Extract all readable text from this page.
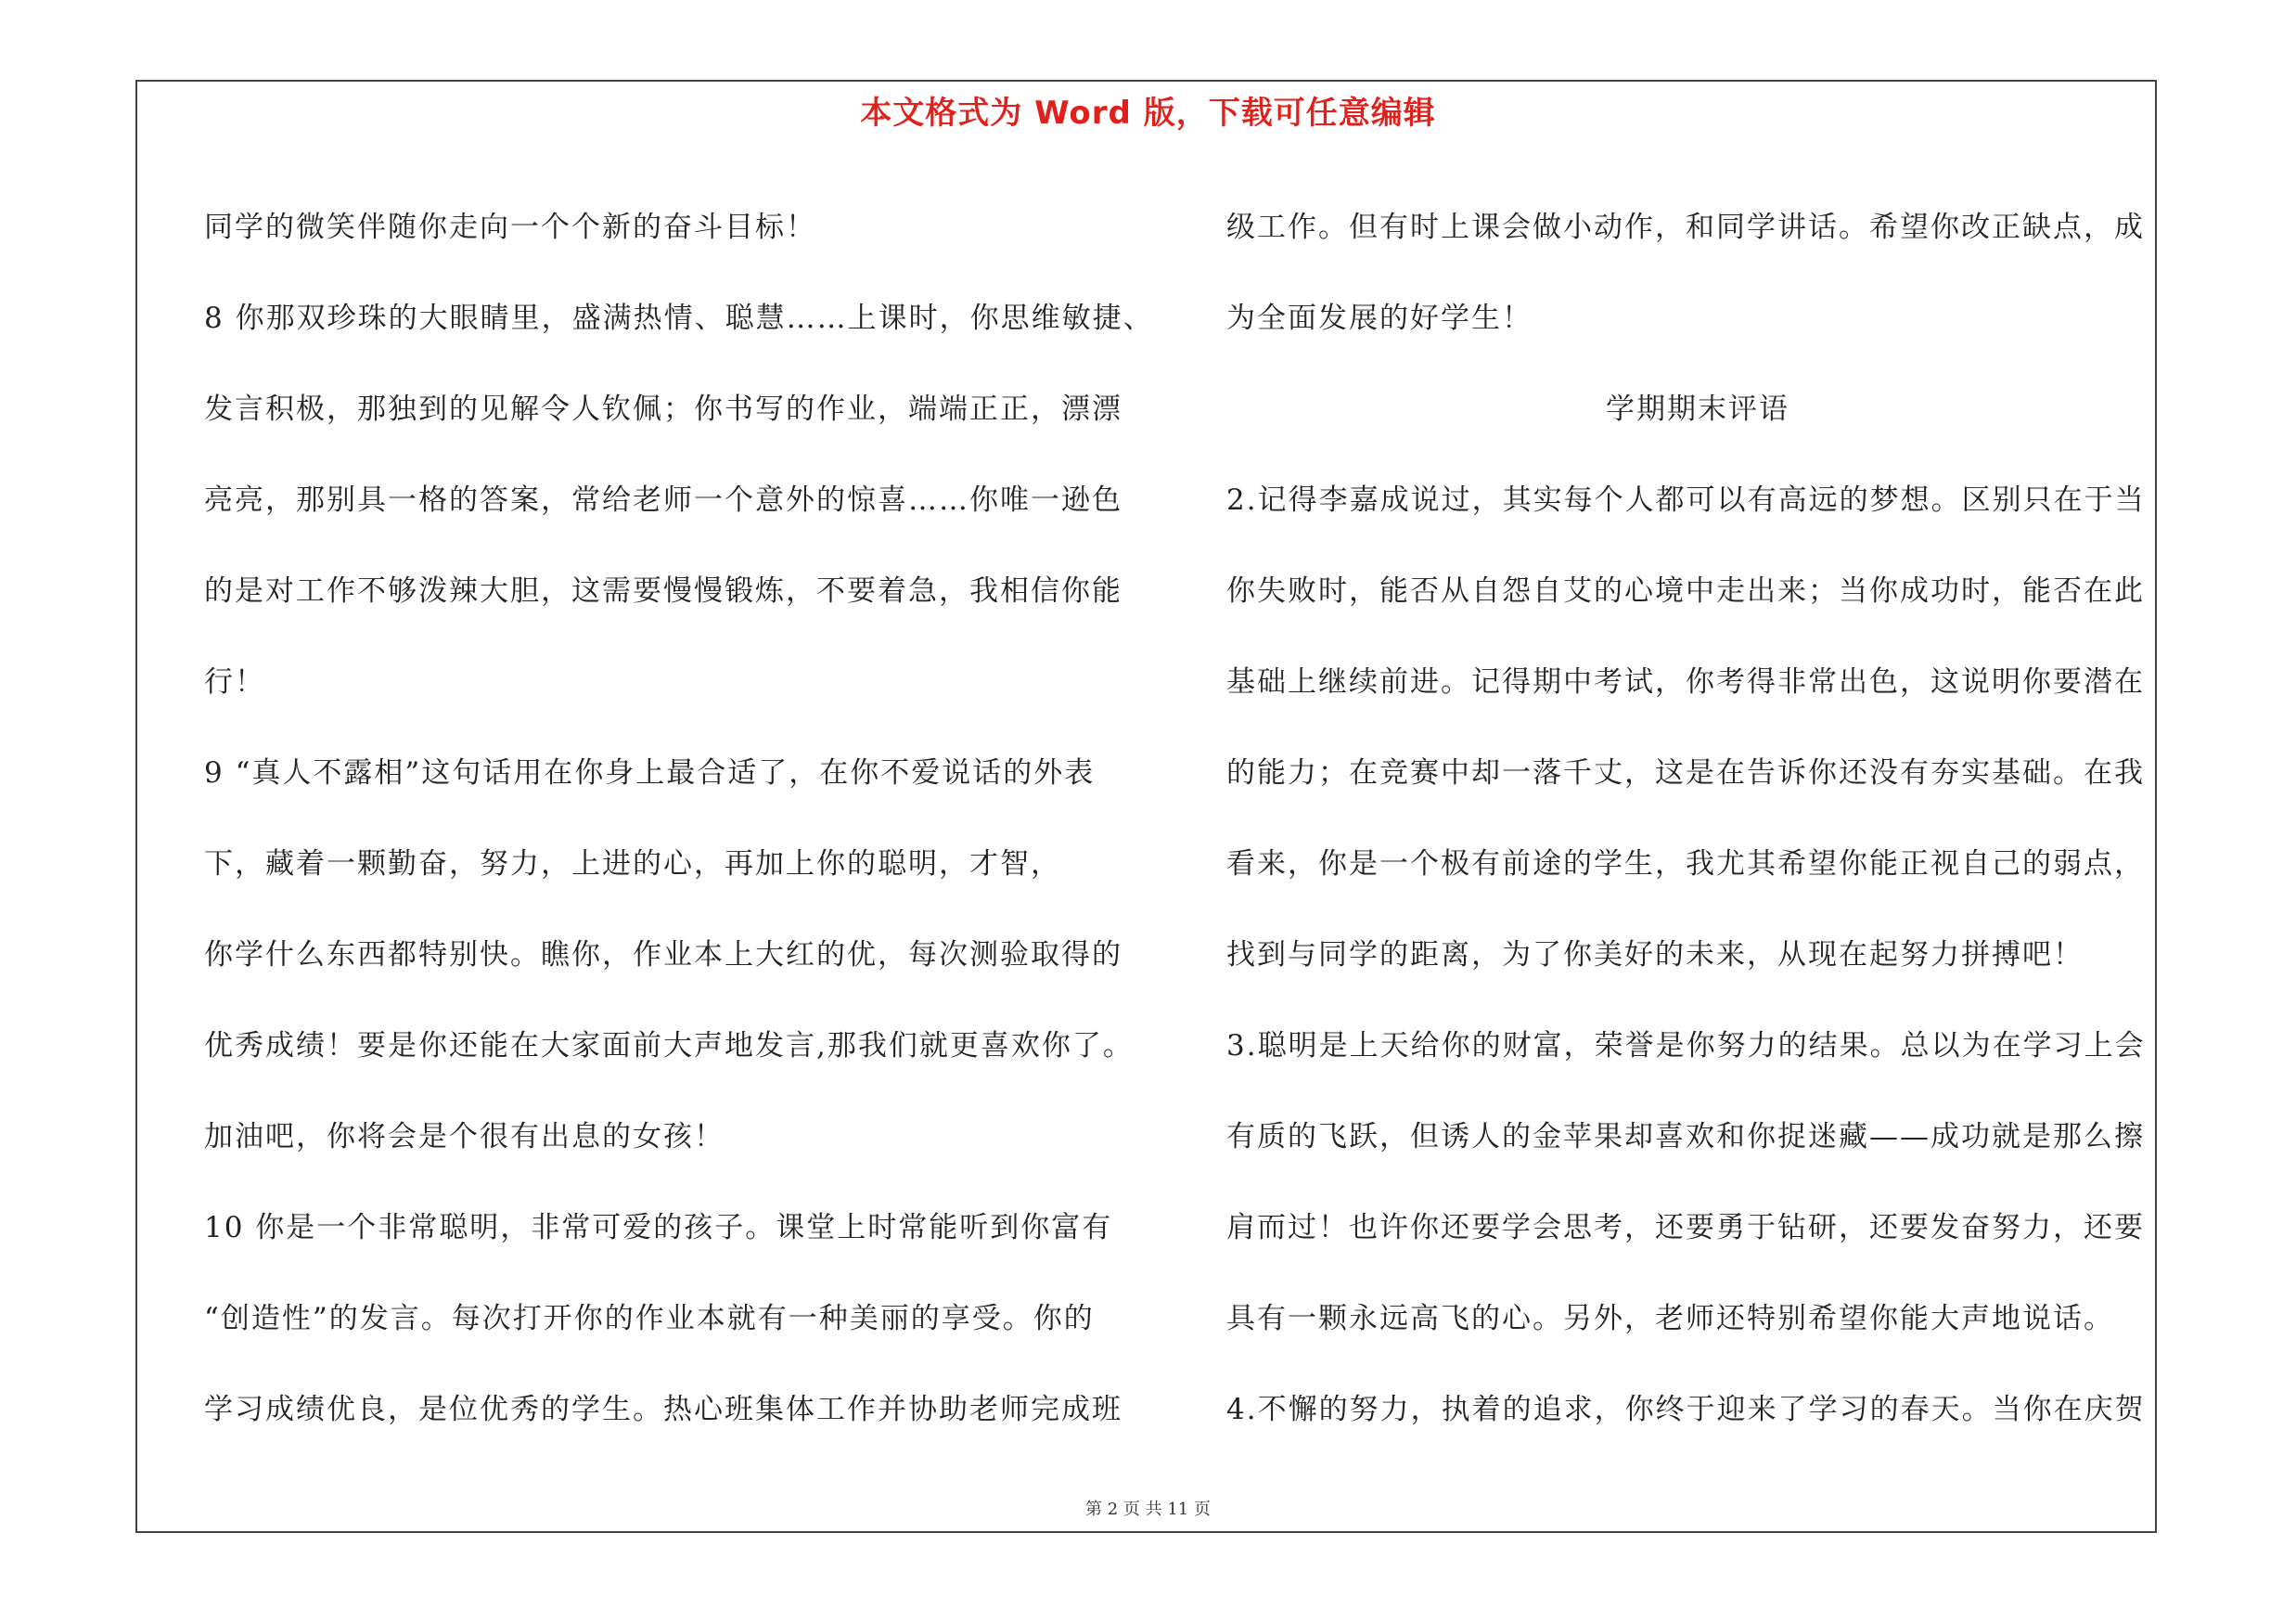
本文格式为 Word 版，下载可任意编辑
同学的微笑伴随你走向一个个新的奋斗目标！
8 你那双珍珠的大眼睛里，盛满热情、聪慧……上课时，你思维敏捷、
发言积极，那独到的见解令人钦佩；你书写的作业，端端正正，漂漂
亮亮，那别具一格的答案，常给老师一个意外的惊喜……你唯一逊色
的是对工作不够泼辣大胆，这需要慢慢锻炼，不要着急，我相信你能
行！
9 “真人不露相”这句话用在你身上最合适了，在你不爱说话的外表
下，藏着一颗勤奋，努力，上进的心，再加上你的聪明，才智，
你学什么东西都特别快。瞧你，作业本上大红的优，每次测验取得的
优秀成绩！要是你还能在大家面前大声地发言,那我们就更喜欢你了。
加油吧，你将会是个很有出息的女孩！
10 你是一个非常聪明，非常可爱的孩子。课堂上时常能听到你富有
“创造性”的发言。每次打开你的作业本就有一种美丽的享受。你的
学习成绩优良，是位优秀的学生。热心班集体工作并协助老师完成班
级工作。但有时上课会做小动作，和同学讲话。希望你改正缺点，成
为全面发展的好学生！
学期期末评语
2.记得李嘉成说过，其实每个人都可以有高远的梦想。区别只在于当
你失败时，能否从自怨自艾的心境中走出来；当你成功时，能否在此
基础上继续前进。记得期中考试，你考得非常出色，这说明你要潜在
的能力；在竞赛中却一落千丈，这是在告诉你还没有夯实基础。在我
看来，你是一个极有前途的学生，我尤其希望你能正视自己的弱点，
找到与同学的距离，为了你美好的未来，从现在起努力拼搏吧！
3.聪明是上天给你的财富，荣誉是你努力的结果。总以为在学习上会
有质的飞跃，但诱人的金苹果却喜欢和你捉迷藏——成功就是那么擦
肩而过！也许你还要学会思考，还要勇于钻研，还要发奋努力，还要
具有一颗永远高飞的心。另外，老师还特别希望你能大声地说话。
4.不懈的努力，执着的追求，你终于迎来了学习的春天。当你在庆贺
第 2 页 共 11 页
